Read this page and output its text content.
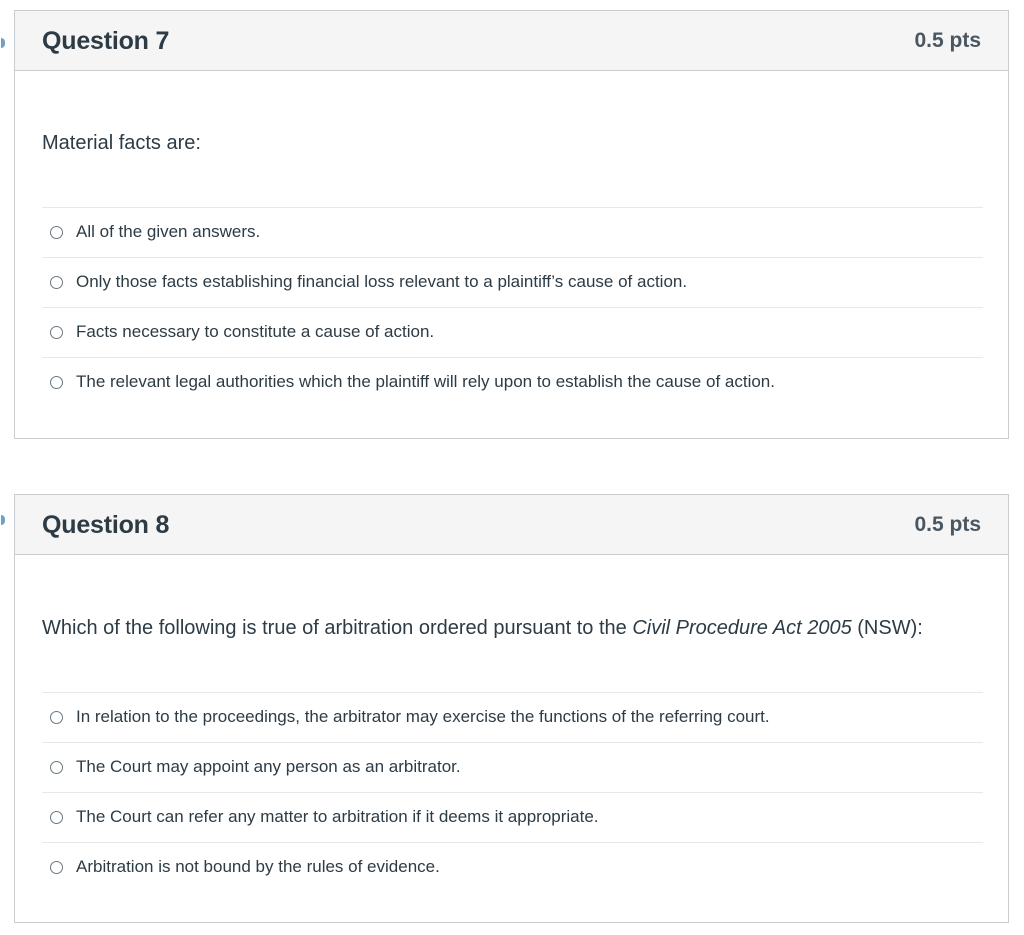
Question 7	0.5 pts
Material facts are:
All of the given answers.
Only those facts establishing financial loss relevant to a plaintiff’s cause of action.
Facts necessary to constitute a cause of action.
The relevant legal authorities which the plaintiff will rely upon to establish the cause of action.
Question 8	0.5 pts
Which of the following is true of arbitration ordered pursuant to the Civil Procedure Act 2005 (NSW):
In relation to the proceedings, the arbitrator may exercise the functions of the referring court.
The Court may appoint any person as an arbitrator.
The Court can refer any matter to arbitration if it deems it appropriate.
Arbitration is not bound by the rules of evidence.
